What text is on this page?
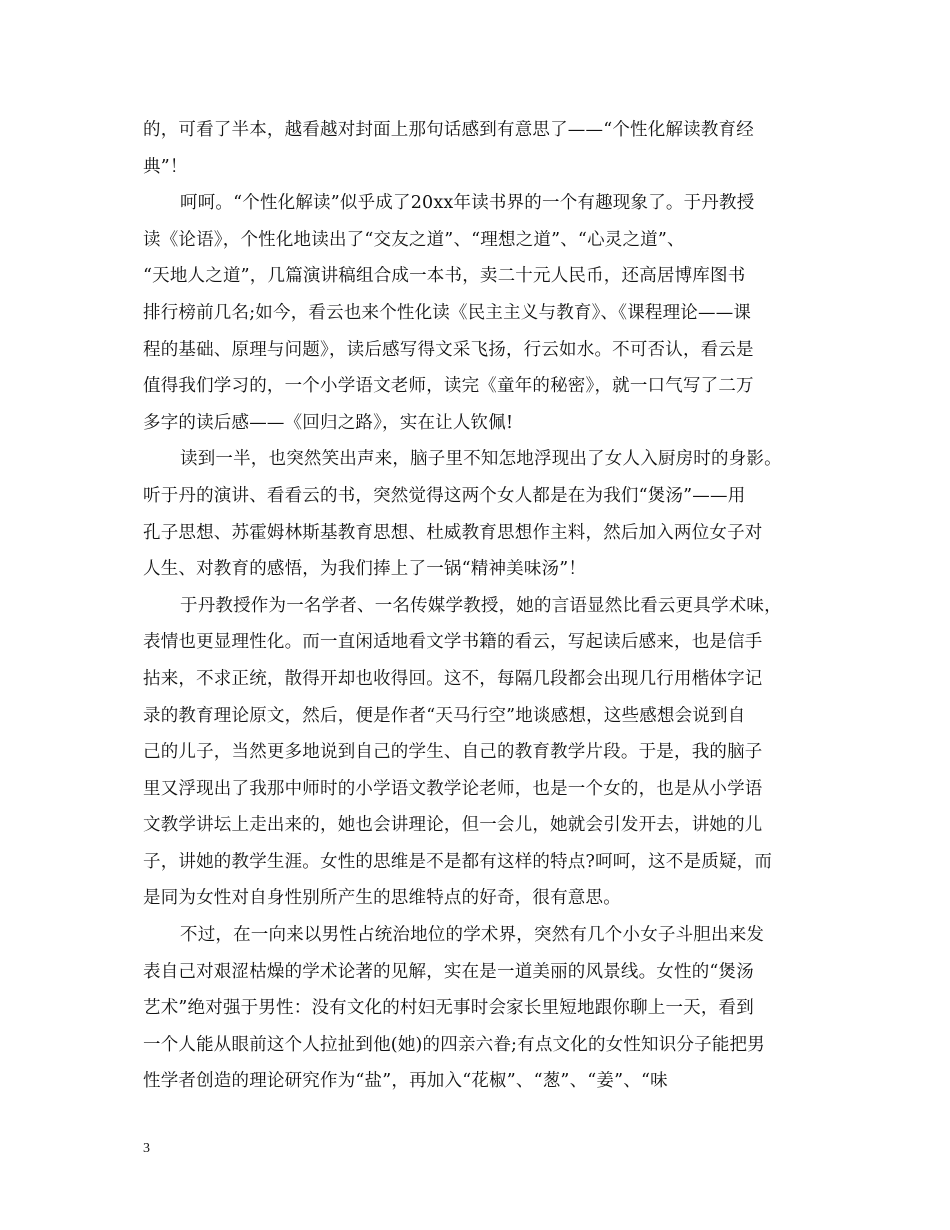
的，可看了半本，越看越对封面上那句话感到有意思了——“个性化解读教育经
典”！
呵呵。“个性化解读”似乎成了20xx年读书界的一个有趣现象了。于丹教授
读《论语》，个性化地读出了“交友之道”、“理想之道”、“心灵之道”、
“天地人之道”，几篇演讲稿组合成一本书，卖二十元人民币，还高居博库图书
排行榜前几名;如今，看云也来个性化读《民主主义与教育》、《课程理论——课
程的基础、原理与问题》，读后感写得文采飞扬，行云如水。不可否认，看云是
值得我们学习的，一个小学语文老师，读完《童年的秘密》，就一口气写了二万
多字的读后感——《回归之路》，实在让人钦佩!
读到一半，也突然笑出声来，脑子里不知怎地浮现出了女人入厨房时的身影。
听于丹的演讲、看看云的书，突然觉得这两个女人都是在为我们“煲汤”——用
孔子思想、苏霍姆林斯基教育思想、杜威教育思想作主料，然后加入两位女子对
人生、对教育的感悟，为我们捧上了一锅“精神美味汤”！
于丹教授作为一名学者、一名传媒学教授，她的言语显然比看云更具学术味，
表情也更显理性化。而一直闲适地看文学书籍的看云，写起读后感来，也是信手
拈来，不求正统，散得开却也收得回。这不，每隔几段都会出现几行用楷体字记
录的教育理论原文，然后，便是作者“天马行空”地谈感想，这些感想会说到自
己的儿子，当然更多地说到自己的学生、自己的教育教学片段。于是，我的脑子
里又浮现出了我那中师时的小学语文教学论老师，也是一个女的，也是从小学语
文教学讲坛上走出来的，她也会讲理论，但一会儿，她就会引发开去，讲她的儿
子，讲她的教学生涯。女性的思维是不是都有这样的特点?呵呵，这不是质疑，而
是同为女性对自身性别所产生的思维特点的好奇，很有意思。
不过，在一向来以男性占统治地位的学术界，突然有几个小女子斗胆出来发
表自己对艰涩枯燥的学术论著的见解，实在是一道美丽的风景线。女性的“煲汤
艺术”绝对强于男性：没有文化的村妇无事时会家长里短地跟你聊上一天，看到
一个人能从眼前这个人拉扯到他(她)的四亲六眷;有点文化的女性知识分子能把男
性学者创造的理论研究作为“盐”，再加入“花椒”、“葱”、“姜”、“味
3
